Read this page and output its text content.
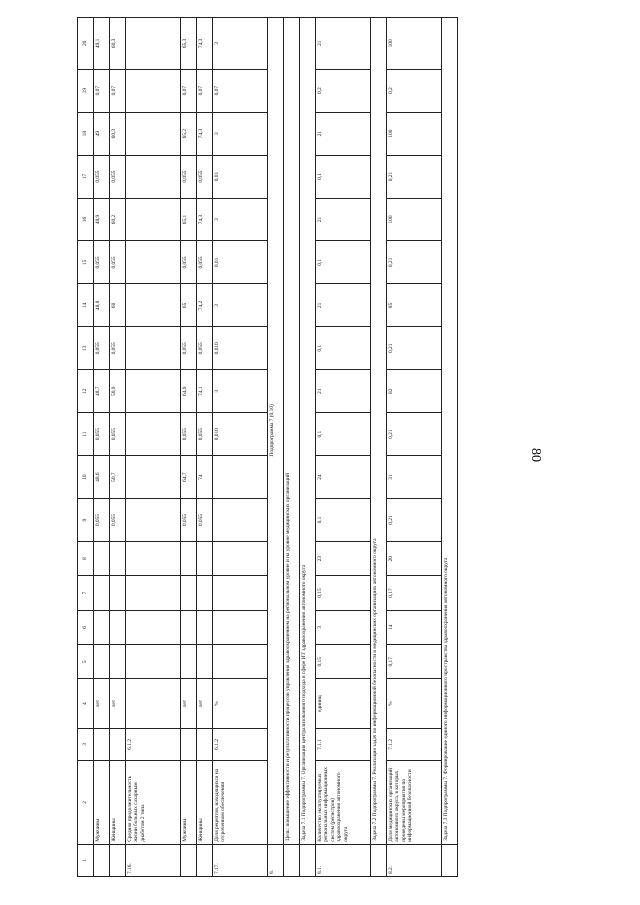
80
1	2	3	4	5	6	7	8	9	10	11	12	13	14	15	16	17	18	19	20
	Мужчины		лет					0,055	48,6	0,055	48,7	0,055	48,8	0,055	48,9	0,055	49	0,07	49,1
	Женщины		лет					0,055	50,7	0,055	50,9	0,055	60	0,055	60,2	0,055	60,3	0,07	60,3
7.16.	Средняя продолжительность жизни больных сахарным диабетом 2 типа	6.1.2																	
	Мужчины		лет					0,055	64,7	0,055	64,9	0,055	65	0,055	65,1	0,055	65,2	0,07	65,3
	Женщины		лет					0,055	74	0,055	74,1	0,055	74,2	0,055	74,3	0,055	74,3	0,07	74,3
7.17.	Доля рецептов, находящихся на отсроченном обеспечении	6.1.2	%							0,010	3	0,010	3	0,01	3	0,01	3	0,07	3
8.	Подпрограмма 7 (0,10)																		
	Цель: повышение эффективности и результативности процессов управления здравоохранением на региональном уровне и на уровне медицинских организаций																		
	Задача 7.1 Подпрограммы 7. Организация централизованного подхода в сфере ИТ здравоохранения автономного округа																		
8.1.	Количество эксплуатируемых региональных информационных систем (регистров) здравоохранения автономного округа	7.1.1	единиц	0,15	3	0,15	23	0,1	24	0,1	21	0,1	21	0,1	21	0,1	21	0,2	21
	Задача 7.2 Подпрограммы 7. Реализация задач по информационной безопасности в медицинских организациях автономного округа																		
8.2.	Доля медицинских организаций автономного округа, в которых проведены мероприятия по информационной безопасности	7.1.2	%	0,17	14	0,17	20	0,21	31	0,21	82	0,21	85	0,21	100	0,21	100	0,2	100
	Задача 7.3 Подпрограммы 7. Формирование единого информационного пространства здравоохранения автономного округа																		
